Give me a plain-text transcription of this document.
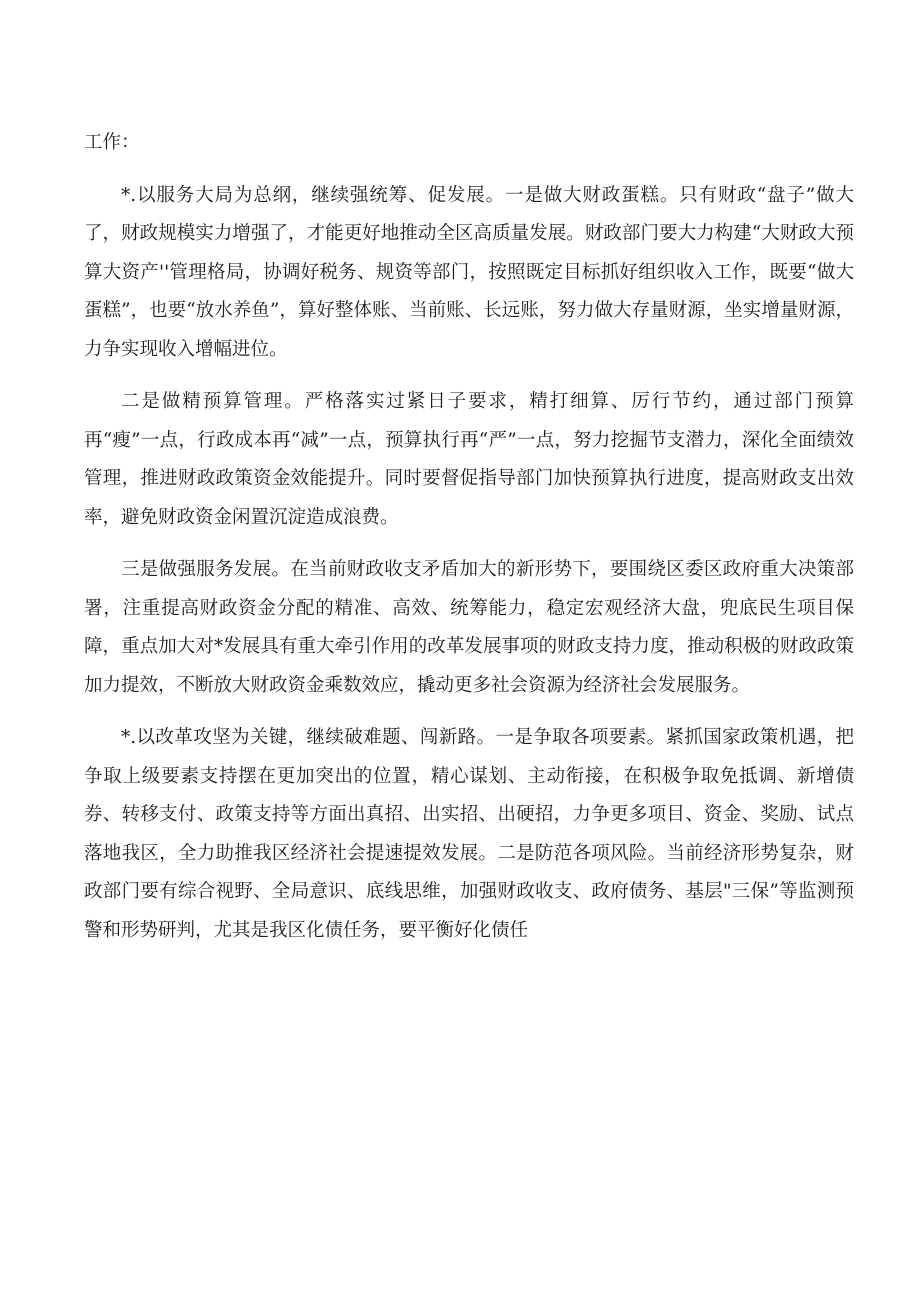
工作：

*.以服务大局为总纲，继续强统筹、促发展。一是做大财政蛋糕。只有财政“盘子”做大了，财政规模实力增强了，才能更好地推动全区高质量发展。财政部门要大力构建“大财政大预算大资产''管理格局，协调好税务、规资等部门，按照既定目标抓好组织收入工作，既要“做大蛋糕”，也要“放水养鱼”，算好整体账、当前账、长远账，努力做大存量财源，坐实增量财源，力争实现收入增幅进位。

二是做精预算管理。严格落实过紧日子要求，精打细算、厉行节约，通过部门预算再“瘦”一点，行政成本再“减”一点，预算执行再“严”一点，努力挖掘节支潜力，深化全面绩效管理，推进财政政策资金效能提升。同时要督促指导部门加快预算执行进度，提高财政支出效率，避免财政资金闲置沉淀造成浪费。

三是做强服务发展。在当前财政收支矛盾加大的新形势下，要围绕区委区政府重大决策部署，注重提高财政资金分配的精准、高效、统筹能力，稳定宏观经济大盘，兜底民生项目保障，重点加大对*发展具有重大牵引作用的改革发展事项的财政支持力度，推动积极的财政政策加力提效，不断放大财政资金乘数效应，撬动更多社会资源为经济社会发展服务。

*.以改革攻坚为关键，继续破难题、闯新路。一是争取各项要素。紧抓国家政策机遇，把争取上级要素支持摆在更加突出的位置，精心谋划、主动衔接，在积极争取免抵调、新增债券、转移支付、政策支持等方面出真招、出实招、出硬招，力争更多项目、资金、奖励、试点落地我区，全力助推我区经济社会提速提效发展。二是防范各项风险。当前经济形势复杂，财政部门要有综合视野、全局意识、底线思维，加强财政收支、政府债务、基层"三保”等监测预警和形势研判，尤其是我区化债任务，要平衡好化债任
